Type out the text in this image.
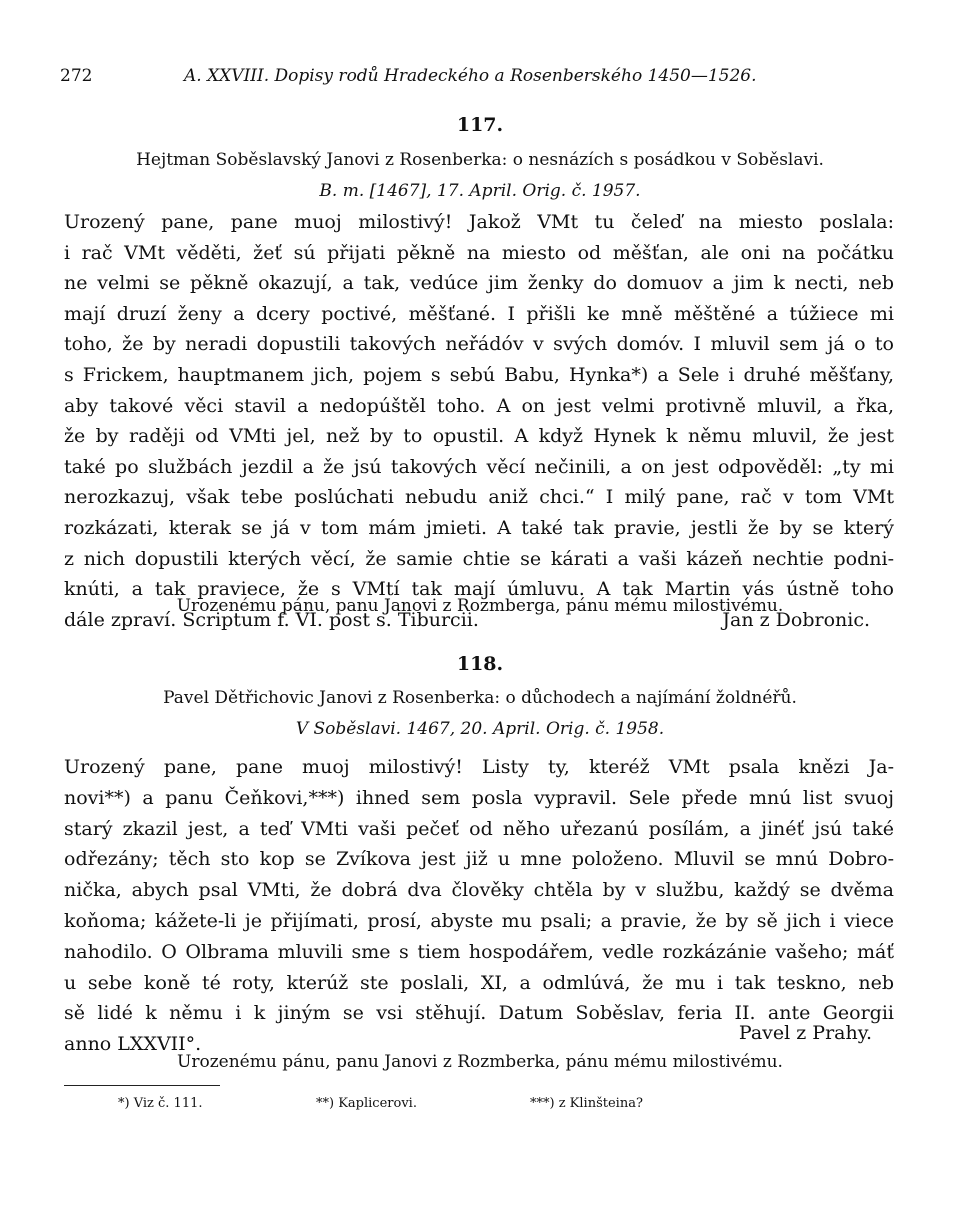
272	A. XXVIII. Dopisy rodů Hradeckého a Rosenberského 1450—1526.
117.
Hejtman Soběslavský Janovi z Rosenberka: o nesnázích s posádkou v Soběslavi.
B. m. [1467], 17. April. Orig. č. 1957.
Urozený pane, pane muoj milostivý! Jakož VMt tu čeleď na miesto poslala:
i rač VMt věděti, žeť sú přijati pěkně na miesto od měšťan, ale oni na počátku
ne velmi se pěkně okazují, a tak, vedúce jim ženky do domuov a jim k necti, neb
mají druzí ženy a dcery poctivé, měšťané. I přišli ke mně měštěné a túžiece mi
toho, že by neradi dopustili takových neřádóv v svých domóv. I mluvil sem já o to
s Frickem, hauptmanem jich, pojem s sebú Babu, Hynka*) a Sele i druhé měšťany,
aby takové věci stavil a nedopúštěl toho. A on jest velmi protivně mluvil, a řka,
že by raději od VMti jel, než by to opustil. A když Hynek k němu mluvil, že jest
také po službách jezdil a že jsú takových věcí nečinili, a on jest odpověděl: „ty mi
nerozkazuj, však tebe poslúchati nebudu aniž chci.“ I milý pane, rač v tom VMt
rozkázati, kterak se já v tom mám jmieti. A také tak pravie, jestli že by se který
z nich dopustili kterých věcí, že samie chtie se kárati a vaši kázeň nechtie podni-
knúti, a tak praviece, že s VMtí tak mají úmluvu. A tak Martin vás ústně toho
dále zpraví. Scriptum f. VI. post s. Tiburcii.	Jan z Dobronic.
Urozenému pánu, panu Janovi z Rozmberga, pánu mému milostivému.
118.
Pavel Dětřichovic Janovi z Rosenberka: o důchodech a najímání žoldnéřů.
V Soběslavi. 1467, 20. April. Orig. č. 1958.
Urozený pane, pane muoj milostivý! Listy ty, kteréž VMt psala knězi Ja-
novi**) a panu Čeňkovi,***) ihned sem posla vypravil. Sele přede mnú list svuoj
starý zkazil jest, a teď VMti vaši pečeť od něho uřezanú posílám, a jinéť jsú také
odřezány; těch sto kop se Zvíkova jest již u mne položeno. Mluvil se mnú Dobro-
nička, abych psal VMti, že dobrá dva člověky chtěla by v službu, každý se dvěma
koňoma; kážete-li je přijímati, prosí, abyste mu psali; a pravie, že by sě jich i viece
nahodilo. O Olbrama mluvili sme s tiem hospodářem, vedle rozkázánie vašeho; máť
u sebe koně té roty, kterúž ste poslali, XI, a odmlúvá, že mu i tak teskno, neb
sě lidé k němu i k jiným se vsi stěhují. Datum Soběslav, feria II. ante Georgii
anno LXXVII°.
Pavel z Prahy.
Urozenému pánu, panu Janovi z Rozmberka, pánu mému milostivému.
*) Viz č. 111.	**) Kaplicerovi.	***) z Klinšteina?
